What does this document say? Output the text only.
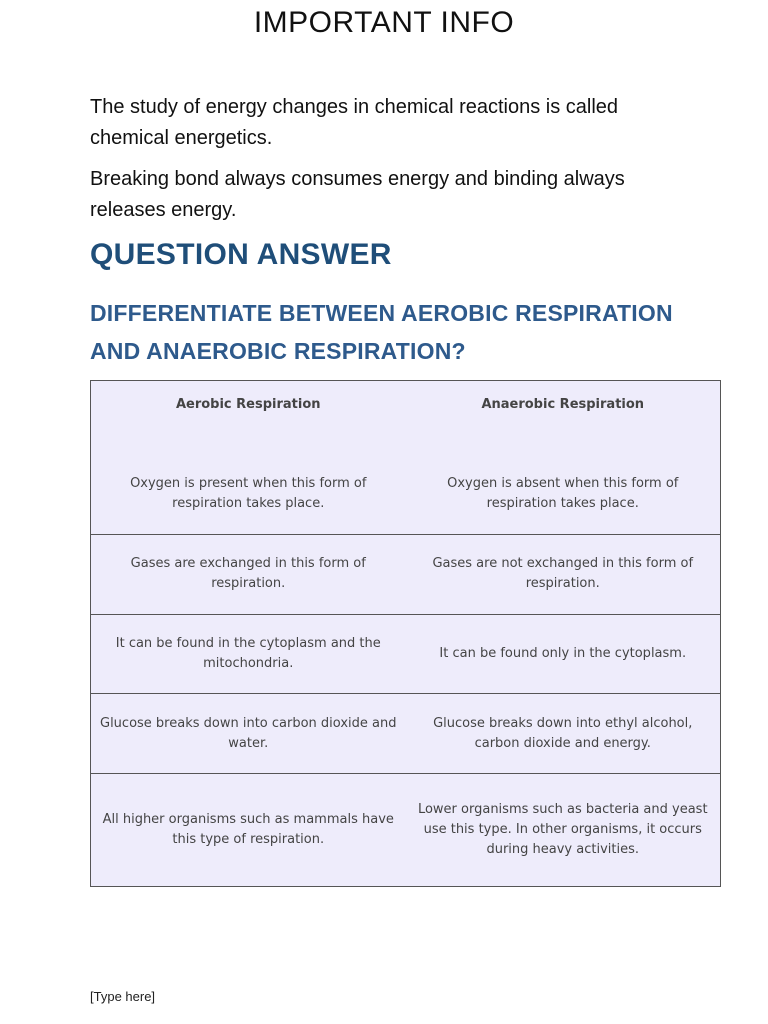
IMPORTANT INFO

The study of energy changes in chemical reactions is called chemical energetics.

Breaking bond always consumes energy and binding always releases energy.

QUESTION ANSWER
DIFFERENTIATE BETWEEN AEROBIC RESPIRATION AND ANAEROBIC RESPIRATION?
Aerobic Respiration	Anaerobic Respiration
Oxygen is present when this form of respiration takes place.	Oxygen is absent when this form of respiration takes place.
Gases are exchanged in this form of respiration.	Gases are not exchanged in this form of respiration.
It can be found in the cytoplasm and the mitochondria.	It can be found only in the cytoplasm.
Glucose breaks down into carbon dioxide and water.	Glucose breaks down into ethyl alcohol, carbon dioxide and energy.
All higher organisms such as mammals have this type of respiration.	Lower organisms such as bacteria and yeast use this type. In other organisms, it occurs during heavy activities.
[Type here]
